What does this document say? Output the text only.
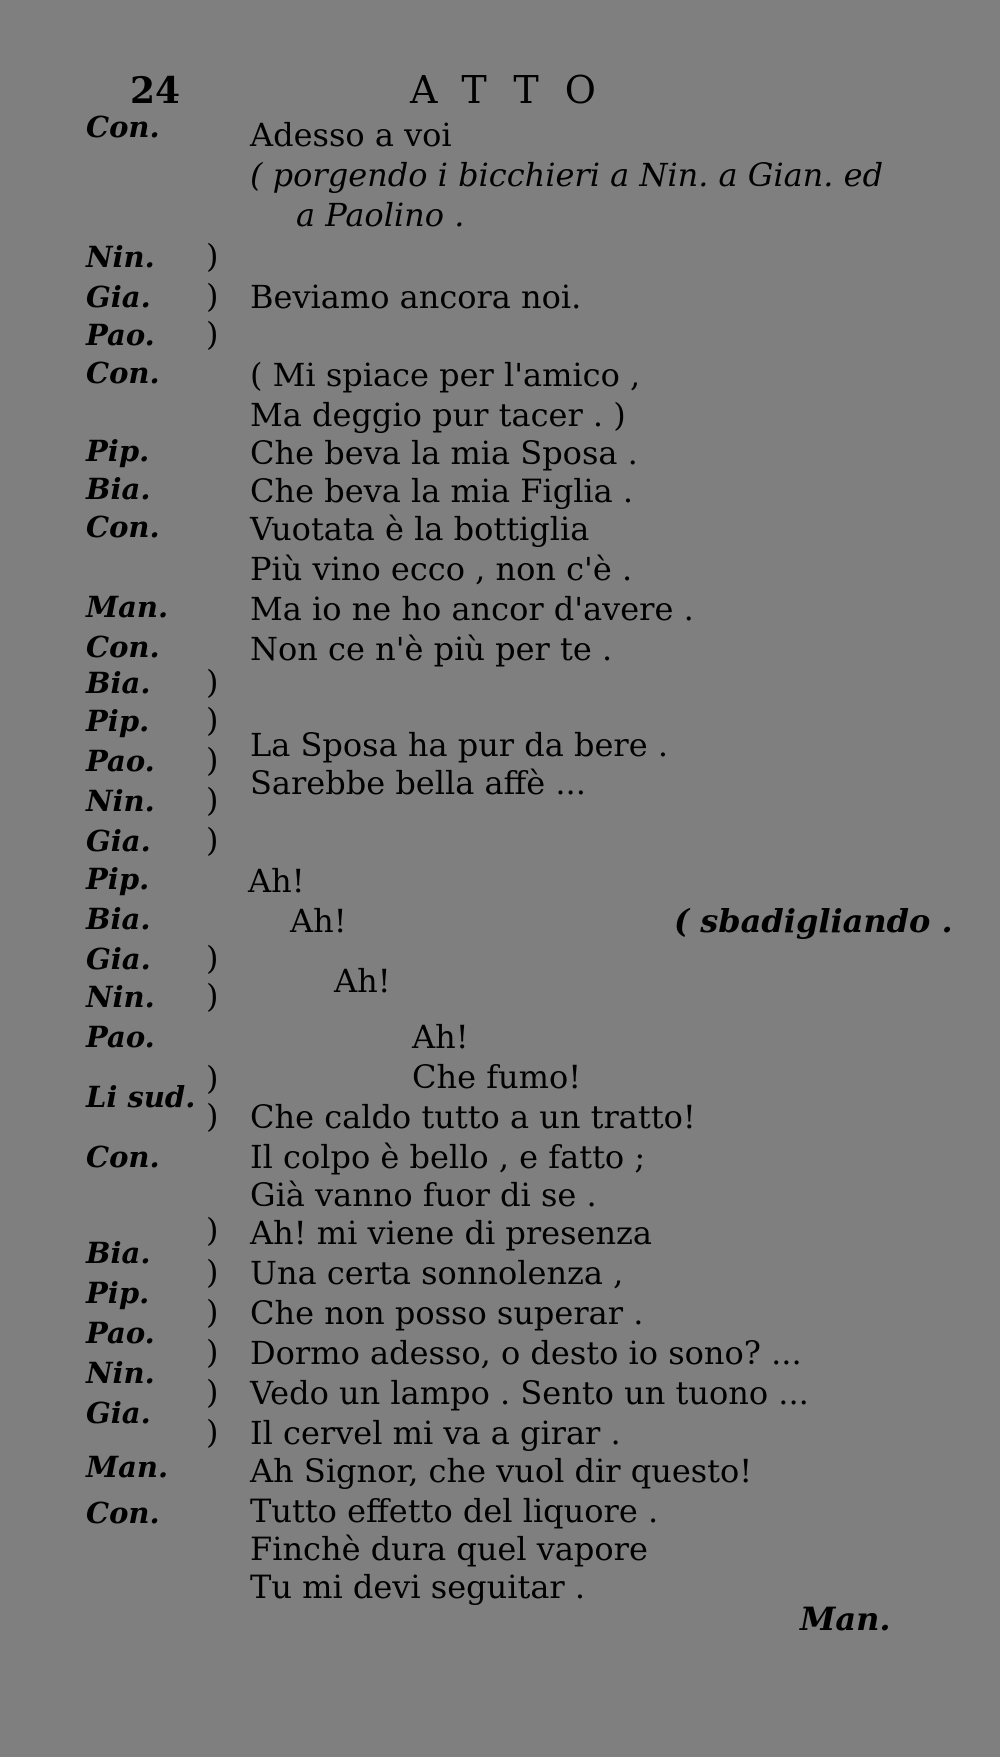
24	ATTO
Con.
Nin.
Gia.
Pao.
Con.
Pip.
Bia.
Con.
Man.
Con.
Bia.
Pip.
Pao.
Nin.
Gia.
Pip.
Bia.
Gia.
Nin.
Pao.
Li sud.
Con.
Bia.
Pip.
Pao.
Nin.
Gia.
Man.
Con.
)
)
)
)
)
)
)
)
)
)
)
)
)
)
)
)
)
)
Adesso a voi
( porgendo i bicchieri a Nin. a Gian. ed
a Paolino .
Beviamo ancora noi.
( Mi spiace per l'amico ,
Ma deggio pur tacer . )
Che beva la mia Sposa .
Che beva la mia Figlia .
Vuotata è la bottiglia
Più vino ecco , non c'è .
Ma io ne ho ancor d'avere .
Non ce n'è più per te .
La Sposa ha pur da bere .
Sarebbe bella affè ...
Ah!
Ah!	( sbadigliando .
Ah!
Ah!
Che fumo!
Che caldo tutto a un tratto!
Il colpo è bello , e fatto ;
Già vanno fuor di se .
Ah! mi viene di presenza
Una certa sonnolenza ,
Che non posso superar .
Dormo adesso, o desto io sono? ...
Vedo un lampo . Sento un tuono ...
Il cervel mi va a girar .
Ah Signor, che vuol dir questo!
Tutto effetto del liquore .
Finchè dura quel vapore
Tu mi devi seguitar .
Man.
